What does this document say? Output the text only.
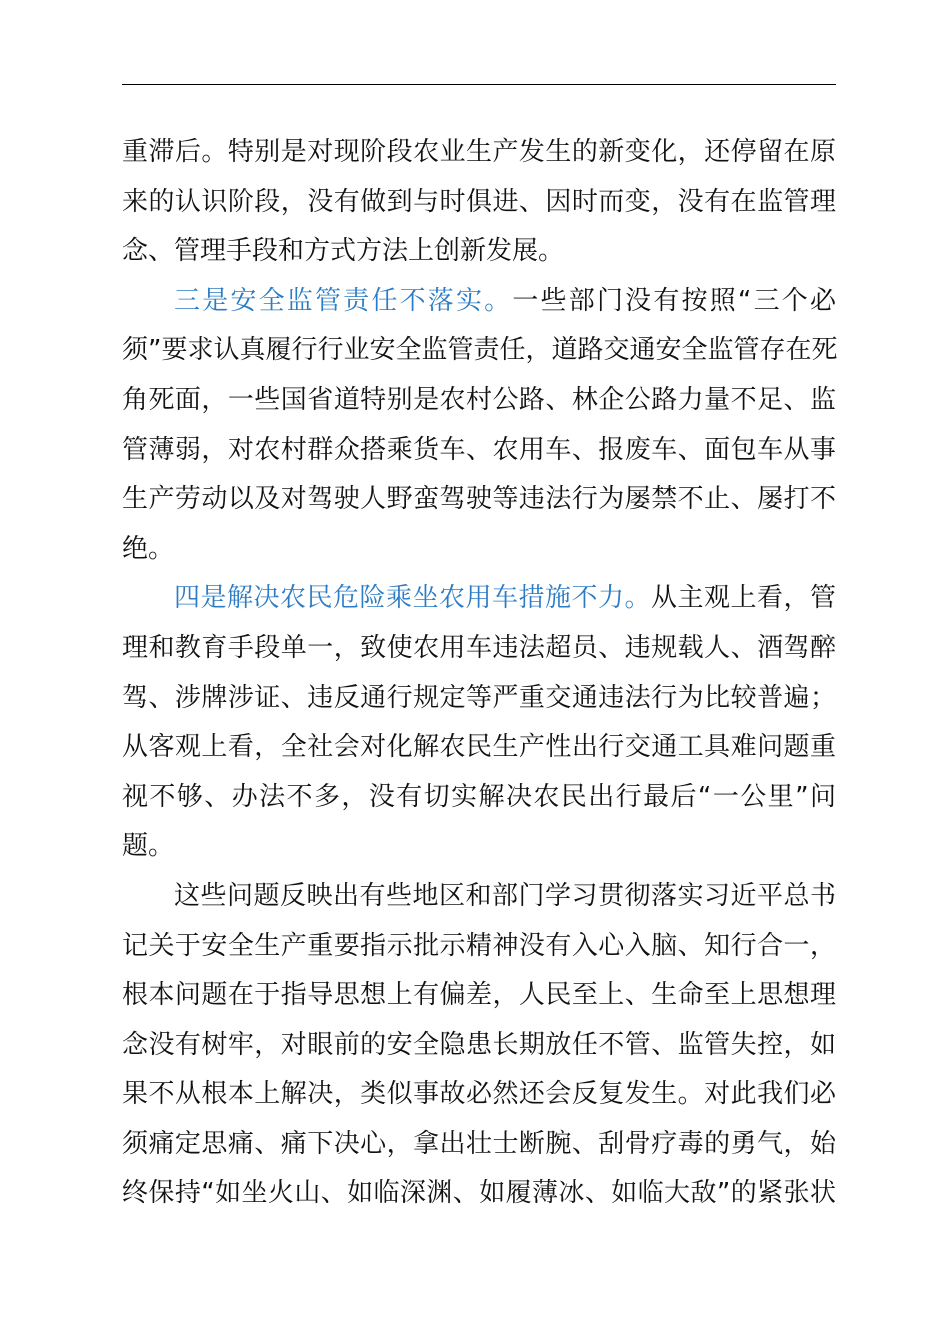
重滞后。特别是对现阶段农业生产发生的新变化，还停留在原
来的认识阶段，没有做到与时俱进、因时而变，没有在监管理
念、管理手段和方式方法上创新发展。
三是安全监管责任不落实。一些部门没有按照“三个必
须”要求认真履行行业安全监管责任，道路交通安全监管存在死
角死面，一些国省道特别是农村公路、林企公路力量不足、监
管薄弱，对农村群众搭乘货车、农用车、报废车、面包车从事
生产劳动以及对驾驶人野蛮驾驶等违法行为屡禁不止、屡打不
绝。
四是解决农民危险乘坐农用车措施不力。从主观上看，管
理和教育手段单一，致使农用车违法超员、违规载人、酒驾醉
驾、涉牌涉证、违反通行规定等严重交通违法行为比较普遍；
从客观上看，全社会对化解农民生产性出行交通工具难问题重
视不够、办法不多，没有切实解决农民出行最后“一公里”问
题。
这些问题反映出有些地区和部门学习贯彻落实习近平总书
记关于安全生产重要指示批示精神没有入心入脑、知行合一，
根本问题在于指导思想上有偏差，人民至上、生命至上思想理
念没有树牢，对眼前的安全隐患长期放任不管、监管失控，如
果不从根本上解决，类似事故必然还会反复发生。对此我们必
须痛定思痛、痛下决心，拿出壮士断腕、刮骨疗毒的勇气，始
终保持“如坐火山、如临深渊、如履薄冰、如临大敌”的紧张状
